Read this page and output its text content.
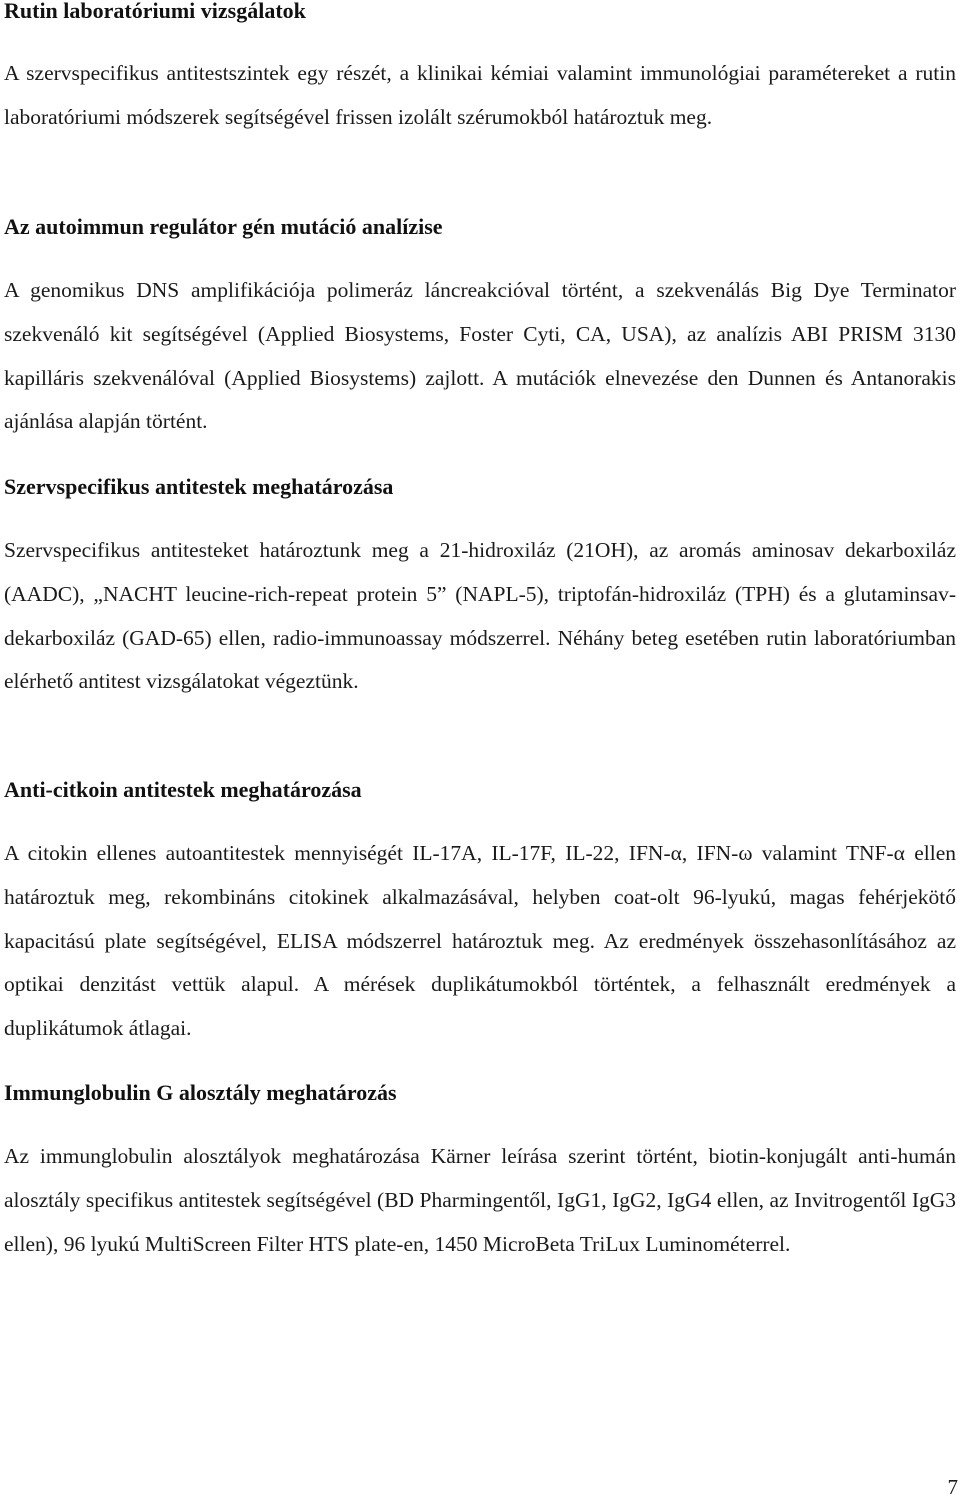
Rutin laboratóriumi vizsgálatok

A szervspecifikus antitestszintek egy részét, a klinikai kémiai valamint immunológiai paramétereket a rutin laboratóriumi módszerek segítségével frissen izolált szérumokból határoztuk meg.

Az autoimmun regulátor gén mutáció analízise

A genomikus DNS amplifikációja polimeráz láncreakcióval történt, a szekvenálás Big Dye Terminator szekvenáló kit segítségével (Applied Biosystems, Foster Cyti, CA, USA), az analízis ABI PRISM 3130 kapilláris szekvenálóval (Applied Biosystems) zajlott. A mutációk elnevezése den Dunnen és Antanorakis ajánlása alapján történt.

Szervspecifikus antitestek meghatározása

Szervspecifikus antitesteket határoztunk meg a 21-hidroxiláz (21OH), az aromás aminosav dekarboxiláz (AADC), „NACHT leucine-rich-repeat protein 5” (NAPL-5), triptofán-hidroxiláz (TPH) és a glutaminsav-dekarboxiláz (GAD-65) ellen, radio-immunoassay módszerrel. Néhány beteg esetében rutin laboratóriumban elérhető antitest vizsgálatokat végeztünk.

Anti-citkoin antitestek meghatározása

A citokin ellenes autoantitestek mennyiségét IL-17A, IL-17F, IL-22, IFN-α, IFN-ω valamint TNF-α ellen határoztuk meg, rekombináns citokinek alkalmazásával, helyben coat-olt 96-lyukú, magas fehérjekötő kapacitású plate segítségével, ELISA módszerrel határoztuk meg. Az eredmények összehasonlításához az optikai denzitást vettük alapul. A mérések duplikátumokból történtek, a felhasznált eredmények a duplikátumok átlagai.

Immunglobulin G alosztály meghatározás

Az immunglobulin alosztályok meghatározása Kärner leírása szerint történt, biotin-konjugált anti-humán alosztály specifikus antitestek segítségével (BD Pharmingentől, IgG1, IgG2, IgG4 ellen, az Invitrogentől IgG3 ellen), 96 lyukú MultiScreen Filter HTS plate-en, 1450 MicroBeta TriLux Luminométerrel.

7
